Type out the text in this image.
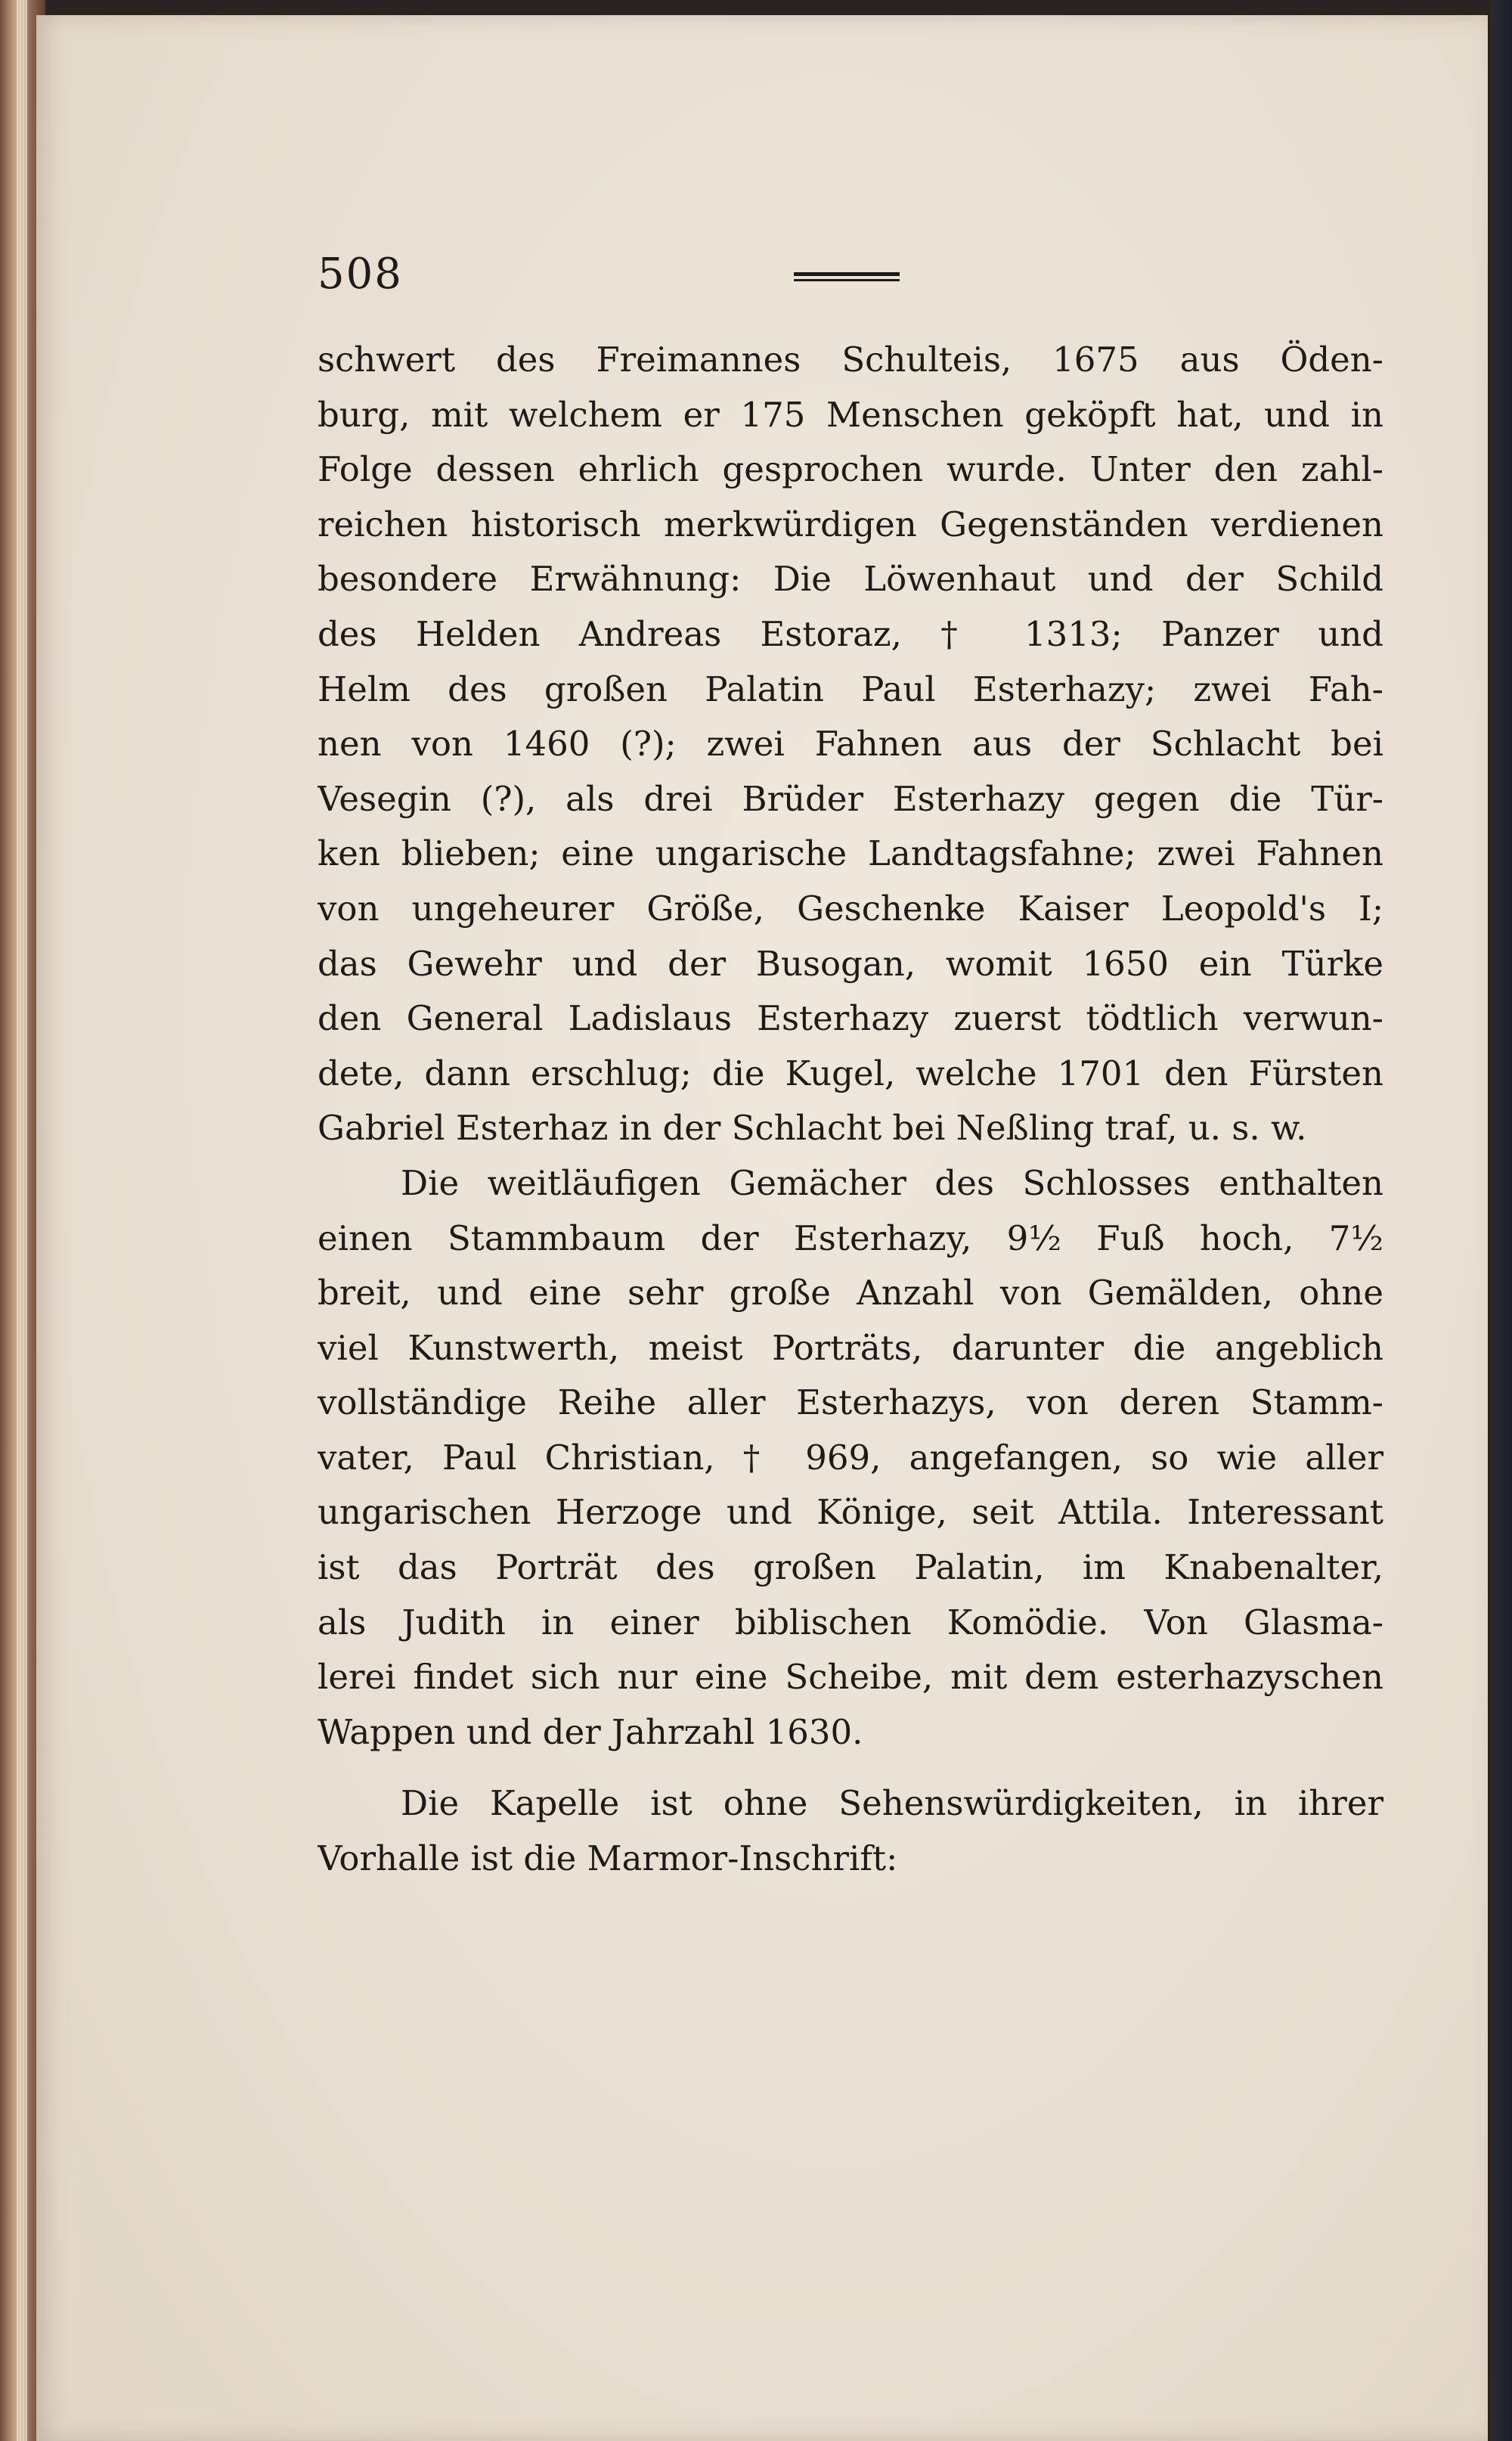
508
schwert des Freimannes Schulteis, 1675 aus Öden-
burg, mit welchem er 175 Menschen geköpft hat, und in
Folge dessen ehrlich gesprochen wurde. Unter den zahl-
reichen historisch merkwürdigen Gegenständen verdienen
besondere Erwähnung: Die Löwenhaut und der Schild
des Helden Andreas Estoraz, † 1313; Panzer und
Helm des großen Palatin Paul Esterhazy; zwei Fah-
nen von 1460 (?); zwei Fahnen aus der Schlacht bei
Vesegin (?), als drei Brüder Esterhazy gegen die Tür-
ken blieben; eine ungarische Landtagsfahne; zwei Fahnen
von ungeheurer Größe, Geschenke Kaiser Leopold's I;
das Gewehr und der Busogan, womit 1650 ein Türke
den General Ladislaus Esterhazy zuerst tödtlich verwun-
dete, dann erschlug; die Kugel, welche 1701 den Fürsten
Gabriel Esterhaz in der Schlacht bei Neßling traf, u. s. w.
Die weitläufigen Gemächer des Schlosses enthalten
einen Stammbaum der Esterhazy, 9½ Fuß hoch, 7½
breit, und eine sehr große Anzahl von Gemälden, ohne
viel Kunstwerth, meist Porträts, darunter die angeblich
vollständige Reihe aller Esterhazys, von deren Stamm-
vater, Paul Christian, † 969, angefangen, so wie aller
ungarischen Herzoge und Könige, seit Attila. Interessant
ist das Porträt des großen Palatin, im Knabenalter,
als Judith in einer biblischen Komödie. Von Glasma-
lerei findet sich nur eine Scheibe, mit dem esterhazyschen
Wappen und der Jahrzahl 1630.
Die Kapelle ist ohne Sehenswürdigkeiten, in ihrer
Vorhalle ist die Marmor-Inschrift:
